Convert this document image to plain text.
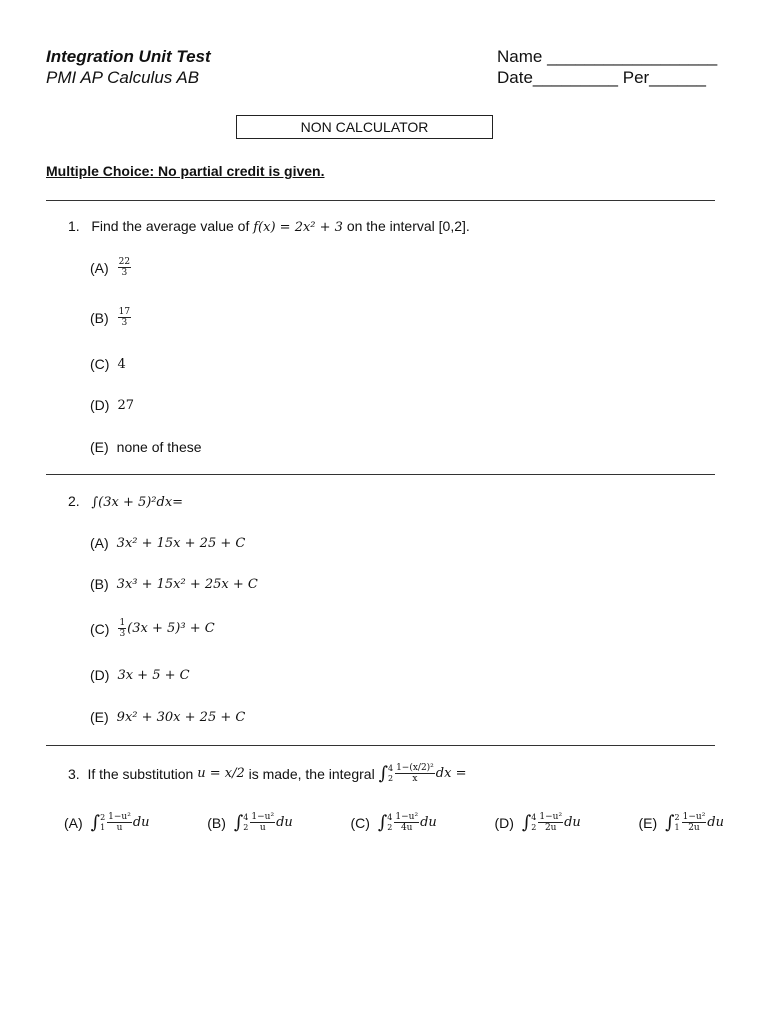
Integration Unit Test
PMI AP Calculus AB
Name __________________
Date_________ Per______
NON CALCULATOR
Multiple Choice: No partial credit is given.
1. Find the average value of f(x) = 2x² + 3 on the interval [0,2].
$(A) \frac{22}{3}$
$(B) \frac{17}{3}$
(C) 4
(D) 27
(E) none of these
2. ∫(3x + 5)²dx=
(A) 3x² + 15x + 25 + C
(B) 3x³ + 15x² + 25x + C
$(C) \frac{1}{3} (3x + 5)^3 + C$
(D) 3x + 5 + C
(E) 9x² + 30x + 25 + C
3.
If the substitution
u = x/2
is made, the integral
∫ 4
$2 \frac{\text{1−(x/2)²}}{x}$ dx =
(A) ∫ 2
$1 \frac{\text{1−u²}}{u}$ du	(B) ∫ 4
$2 \frac{\text{1−u²}}{u}$ du	(C) ∫ 4
$2 \frac{\text{1−u²}}{4u}$ du	(D) ∫ 4
$2 \frac{\text{1−u²}}{2u}$ du	(E) ∫ 2
$1 \frac{\text{1−u²}}{2u}$ du
